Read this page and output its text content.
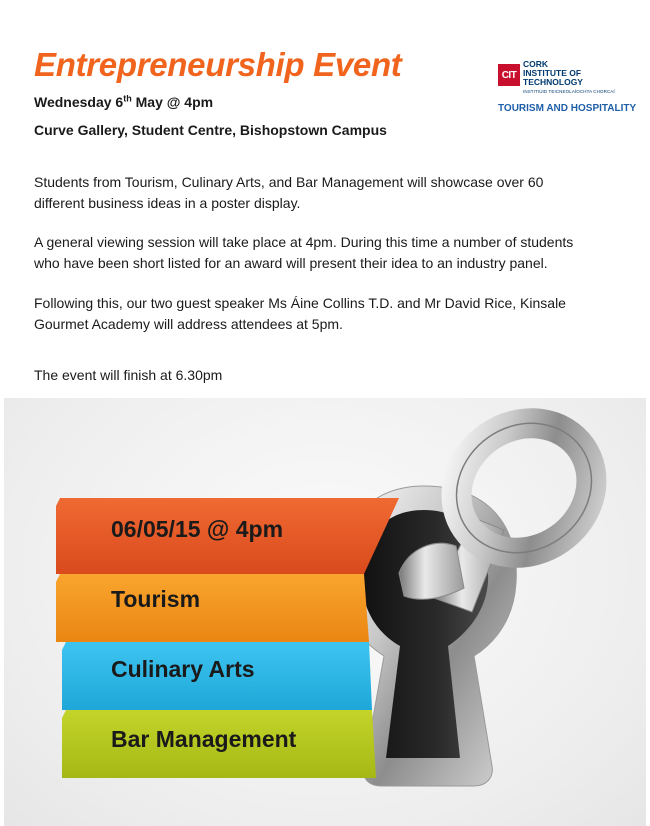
Entrepreneurship Event
Wednesday 6th May @ 4pm
Curve Gallery, Student Centre, Bishopstown Campus
CIT
CORK
INSTITUTE OF
TECHNOLOGY
INSTITIÚID TEICNEOLAÍOCHTA CHORCAÍ
TOURISM AND HOSPITALITY

Students from Tourism, Culinary Arts, and Bar Management will showcase over 60 different business ideas in a poster display.

A general viewing session will take place at 4pm. During this time a number of students who have been short listed for an award will present their idea to an industry panel.

Following this, our two guest speaker Ms Áine Collins T.D. and Mr David Rice, Kinsale Gourmet Academy will address attendees at 5pm.

The event will finish at 6.30pm

06/05/15 @ 4pm
Tourism
Culinary Arts
Bar Management
